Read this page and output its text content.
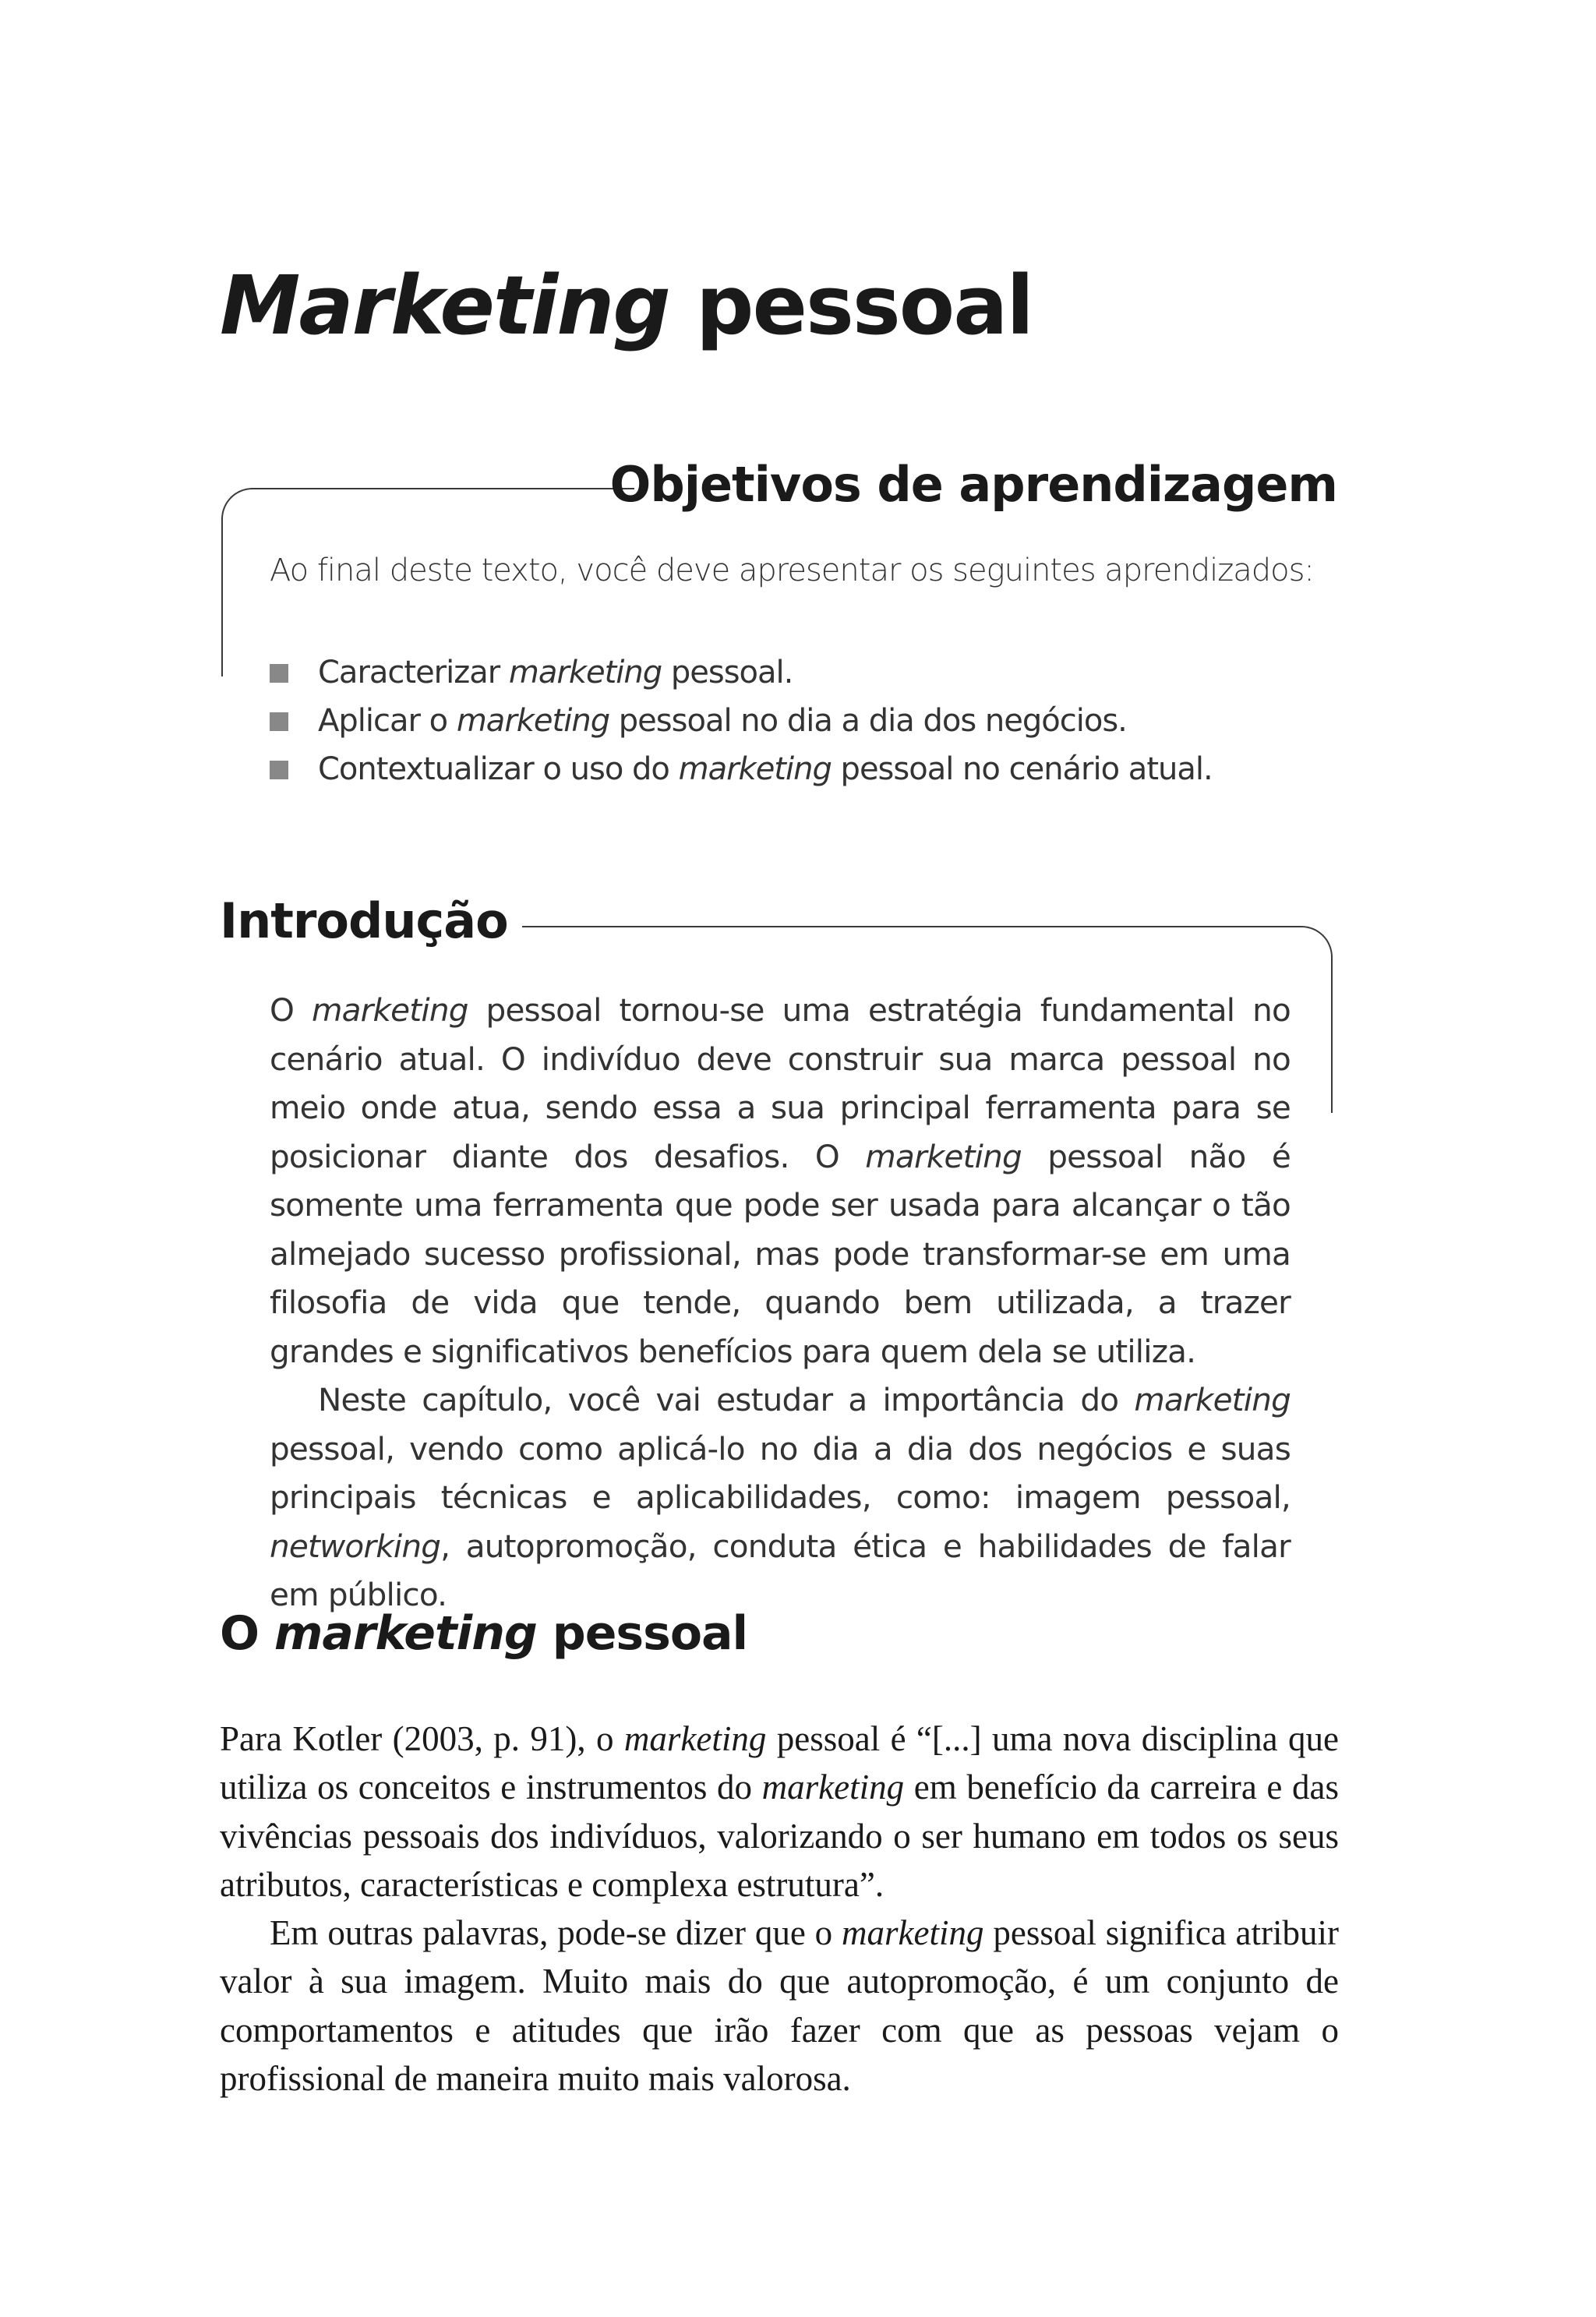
Marketing pessoal
Objetivos de aprendizagem

Ao final deste texto, você deve apresentar os seguintes aprendizados:

Caracterizar marketing pessoal.
Aplicar o marketing pessoal no dia a dia dos negócios.
Contextualizar o uso do marketing pessoal no cenário atual.
Introdução

O marketing pessoal tornou-se uma estratégia fundamental no cenário atual. O indivíduo deve construir sua marca pessoal no meio onde atua, sendo essa a sua principal ferramenta para se posicionar diante dos desafios. O marketing pessoal não é somente uma ferramenta que pode ser usada para alcançar o tão almejado sucesso profissional, mas pode transformar-se em uma filosofia de vida que tende, quando bem utilizada, a trazer grandes e significativos benefícios para quem dela se utiliza.

Neste capítulo, você vai estudar a importância do marketing pessoal, vendo como aplicá-lo no dia a dia dos negócios e suas principais técnicas e aplicabilidades, como: imagem pessoal, networking, autopromoção, conduta ética e habilidades de falar em público.

O marketing pessoal

Para Kotler (2003, p. 91), o marketing pessoal é “[...] uma nova disciplina que utiliza os conceitos e instrumentos do marketing em benefício da carreira e das vivências pessoais dos indivíduos, valorizando o ser humano em todos os seus atributos, características e complexa estrutura”.

Em outras palavras, pode-se dizer que o marketing pessoal significa atribuir valor à sua imagem. Muito mais do que autopromoção, é um conjunto de comportamentos e atitudes que irão fazer com que as pessoas vejam o profissional de maneira muito mais valorosa.
